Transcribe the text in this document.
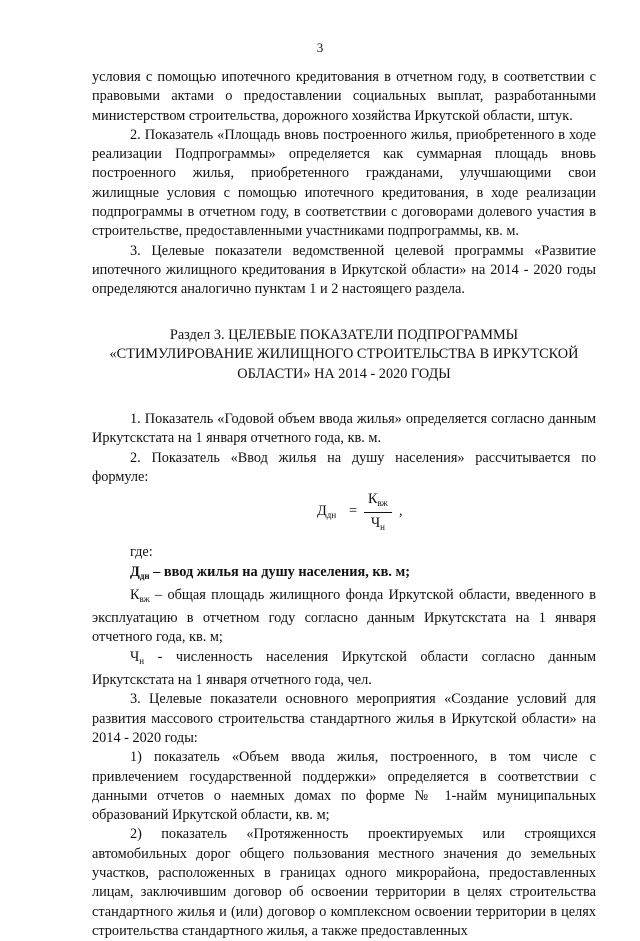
3

условия с помощью ипотечного кредитования в отчетном году, в соответствии с правовыми актами о предоставлении социальных выплат, разработанными министерством строительства, дорожного хозяйства Иркутской области, штук.

2. Показатель «Площадь вновь построенного жилья, приобретенного в ходе реализации Подпрограммы» определяется как суммарная площадь вновь построенного жилья, приобретенного гражданами, улучшающими свои жилищные условия с помощью ипотечного кредитования, в ходе реализации подпрограммы в отчетном году, в соответствии с договорами долевого участия в строительстве, предоставленными участниками подпрограммы, кв. м.

3. Целевые показатели ведомственной целевой программы «Развитие ипотечного жилищного кредитования в Иркутской области» на 2014 - 2020 годы определяются аналогично пунктам 1 и 2 настоящего раздела.

Раздел 3. ЦЕЛЕВЫЕ ПОКАЗАТЕЛИ ПОДПРОГРАММЫ
«СТИМУЛИРОВАНИЕ ЖИЛИЩНОГО СТРОИТЕЛЬСТВА В ИРКУТСКОЙ
ОБЛАСТИ» НА 2014 - 2020 ГОДЫ

1. Показатель «Годовой объем ввода жилья» определяется согласно данным Иркутскстата на 1 января отчетного года, кв. м.

2. Показатель «Ввод жилья на душу населения» рассчитывается по формуле:

$Д_{дн}$ =
$К_{вж}$
$Ч_н$
,

где:

$Д_{дн}$ – ввод жилья на душу населения, кв. м;

$К_{вж}$ – общая площадь жилищного фонда Иркутской области, введенного в эксплуатацию в отчетном году согласно данным Иркутскстата на 1 января отчетного года, кв. м;

$Ч_н$ - численность населения Иркутской области согласно данным Иркутскстата на 1 января отчетного года, чел.

3. Целевые показатели основного мероприятия «Создание условий для развития массового строительства стандартного жилья в Иркутской области» на 2014 - 2020 годы:

1) показатель «Объем ввода жилья, построенного, в том числе с привлечением государственной поддержки» определяется в соответствии с данными отчетов о наемных домах по форме № 1-найм муниципальных образований Иркутской области, кв. м;

2) показатель «Протяженность проектируемых или строящихся автомобильных дорог общего пользования местного значения до земельных участков, расположенных в границах одного микрорайона, предоставленных лицам, заключившим договор об освоении территории в целях строительства стандартного жилья и (или) договор о комплексном освоении территории в целях строительства стандартного жилья, а также предоставленных
